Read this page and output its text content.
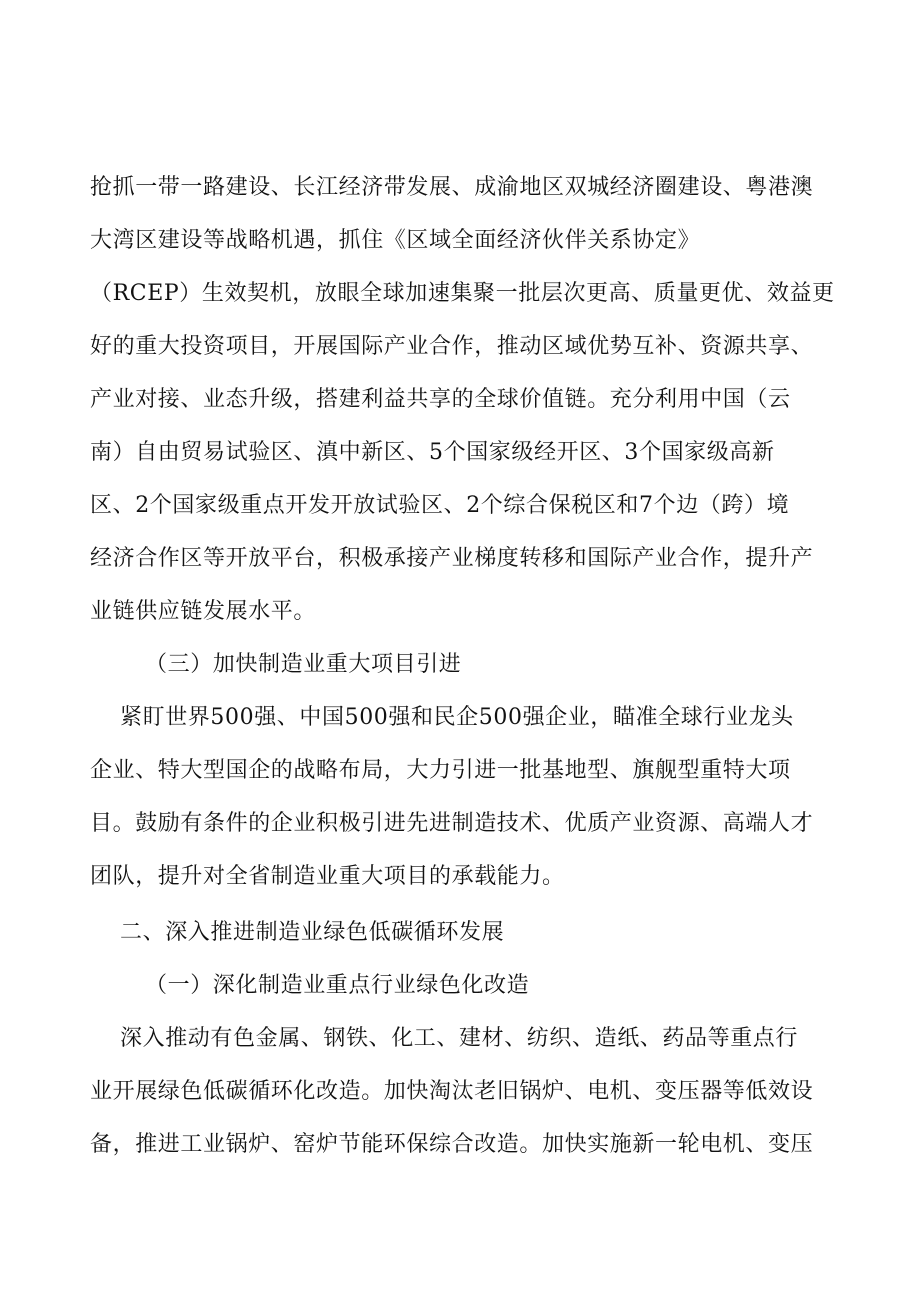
抢抓一带一路建设、长江经济带发展、成渝地区双城经济圈建设、粤港澳
大湾区建设等战略机遇，抓住《区域全面经济伙伴关系协定》
（RCEP）生效契机，放眼全球加速集聚一批层次更高、质量更优、效益更
好的重大投资项目，开展国际产业合作，推动区域优势互补、资源共享、
产业对接、业态升级，搭建利益共享的全球价值链。充分利用中国（云
南）自由贸易试验区、滇中新区、5个国家级经开区、3个国家级高新
区、2个国家级重点开发开放试验区、2个综合保税区和7个边（跨）境
经济合作区等开放平台，积极承接产业梯度转移和国际产业合作，提升产
业链供应链发展水平。
（三）加快制造业重大项目引进
紧盯世界500强、中国500强和民企500强企业，瞄准全球行业龙头
企业、特大型国企的战略布局，大力引进一批基地型、旗舰型重特大项
目。鼓励有条件的企业积极引进先进制造技术、优质产业资源、高端人才
团队，提升对全省制造业重大项目的承载能力。
二、深入推进制造业绿色低碳循环发展
（一）深化制造业重点行业绿色化改造
深入推动有色金属、钢铁、化工、建材、纺织、造纸、药品等重点行
业开展绿色低碳循环化改造。加快淘汰老旧锅炉、电机、变压器等低效设
备，推进工业锅炉、窑炉节能环保综合改造。加快实施新一轮电机、变压
